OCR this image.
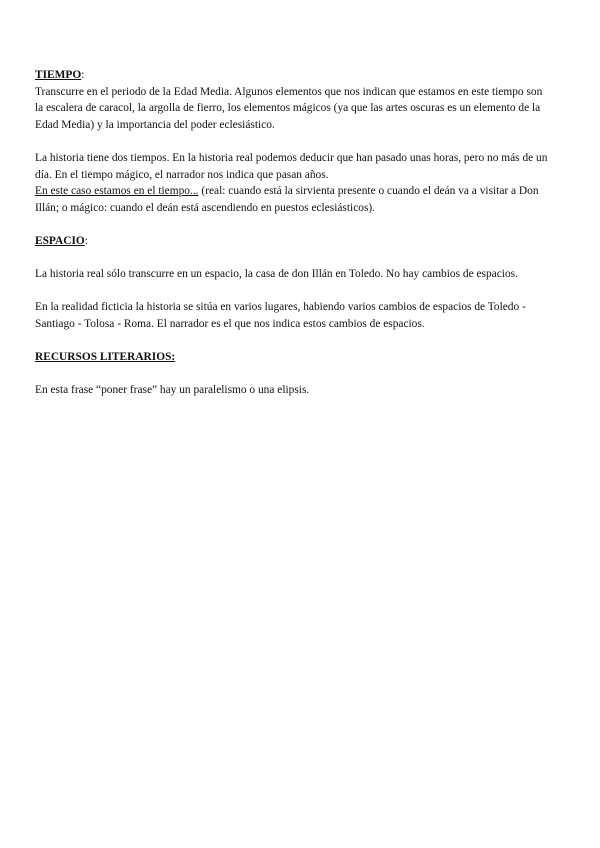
TIEMPO:

Transcurre en el periodo de la Edad Media. Algunos elementos que nos indican que estamos en este tiempo son la escalera de caracol, la argolla de fierro, los elementos mágicos (ya que las artes oscuras es un elemento de la Edad Media) y la importancia del poder eclesiástico.

La historia tiene dos tiempos. En la historia real podemos deducir que han pasado unas horas, pero no más de un día. En el tiempo mágico, el narrador nos indica que pasan años.

En este caso estamos en el tiempo... (real: cuando está la sirvienta presente o cuando el deán va a visitar a Don Illán; o mágico: cuando el deán está ascendiendo en puestos eclesiásticos).

ESPACIO:

La historia real sólo transcurre en un espacio, la casa de don Illán en Toledo. No hay cambios de espacios.

En la realidad ficticia la historia se sitúa en varios lugares, habiendo varios cambios de espacios de Toledo - Santiago - Tolosa - Roma. El narrador es el que nos indica estos cambios de espacios.

RECURSOS LITERARIOS:

En esta frase “poner frase” hay un paralelismo o una elipsis.
